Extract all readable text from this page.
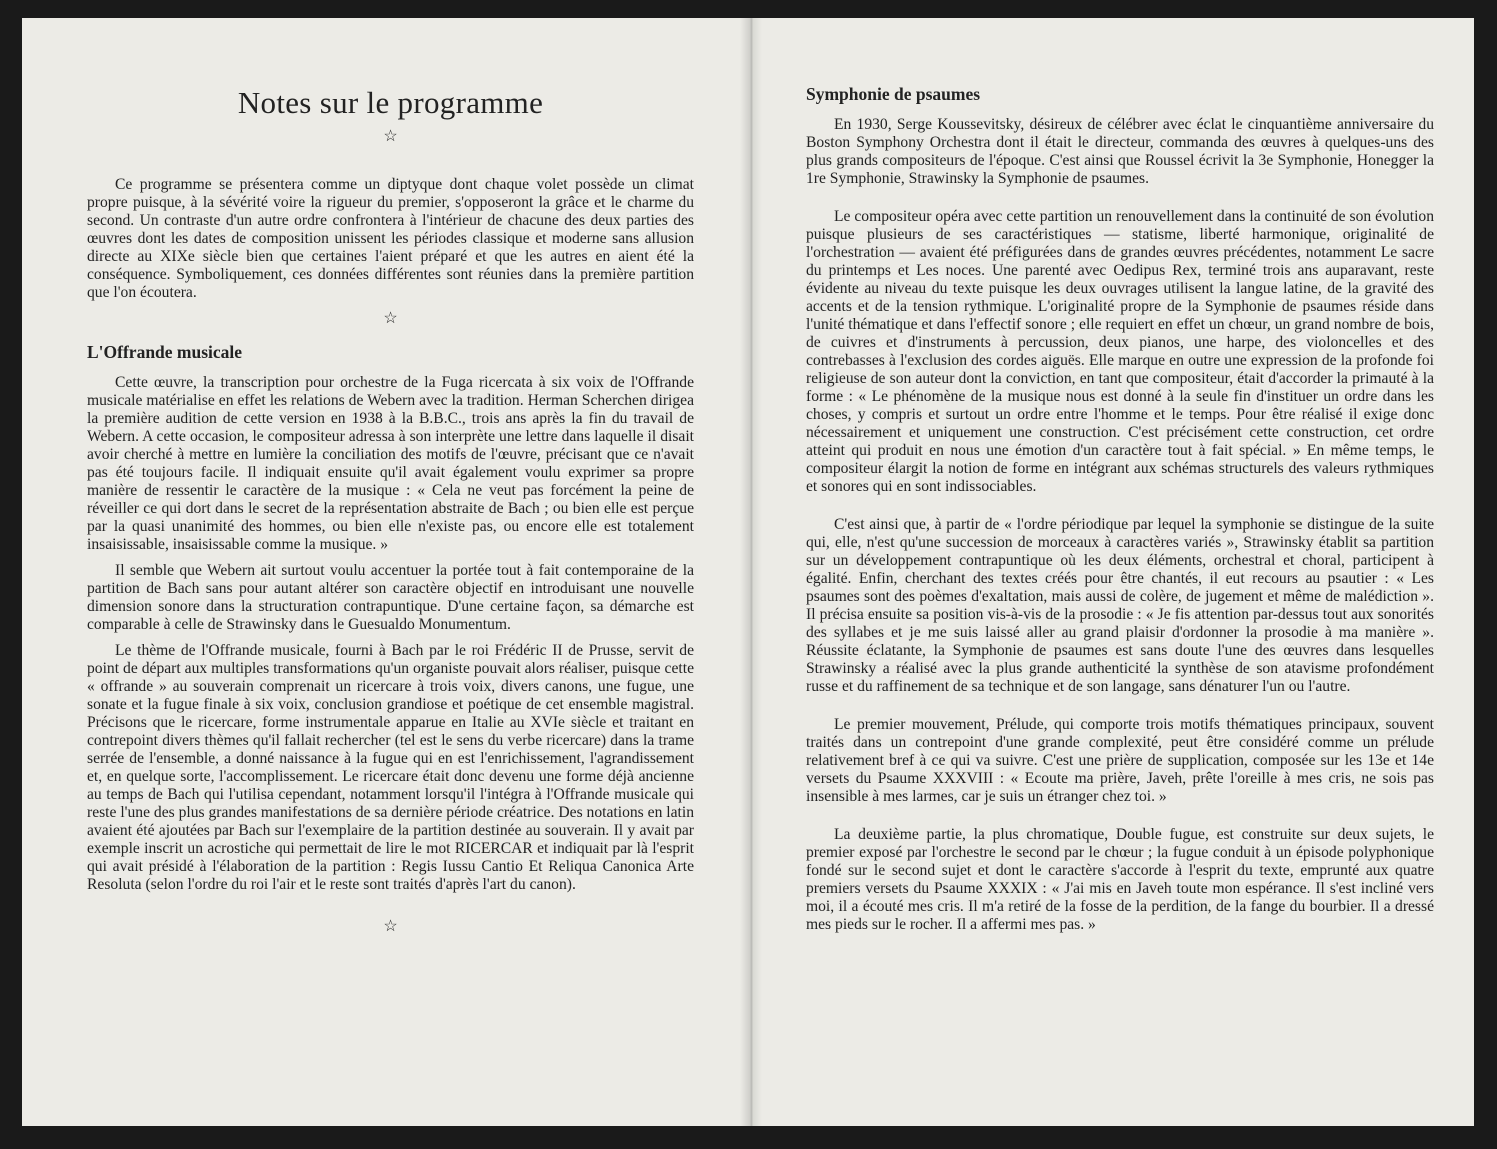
Notes sur le programme
☆

Ce programme se présentera comme un diptyque dont chaque volet possède un climat propre puisque, à la sévérité voire la rigueur du premier, s'opposeront la grâce et le charme du second. Un contraste d'un autre ordre confrontera à l'intérieur de chacune des deux parties des œuvres dont les dates de composition unissent les périodes classique et moderne sans allusion directe au XIXe siècle bien que certaines l'aient préparé et que les autres en aient été la conséquence. Symboliquement, ces données différentes sont réunies dans la première partition que l'on écoutera.

☆
L'Offrande musicale

Cette œuvre, la transcription pour orchestre de la Fuga ricercata à six voix de l'Offrande musicale matérialise en effet les relations de Webern avec la tradition. Herman Scherchen dirigea la première audition de cette version en 1938 à la B.B.C., trois ans après la fin du travail de Webern. A cette occasion, le compositeur adressa à son interprète une lettre dans laquelle il disait avoir cherché à mettre en lumière la conciliation des motifs de l'œuvre, précisant que ce n'avait pas été toujours facile. Il indiquait ensuite qu'il avait également voulu exprimer sa propre manière de ressentir le caractère de la musique : « Cela ne veut pas forcément la peine de réveiller ce qui dort dans le secret de la représentation abstraite de Bach ; ou bien elle est perçue par la quasi unanimité des hommes, ou bien elle n'existe pas, ou encore elle est totalement insaisissable, insaisissable comme la musique. »

Il semble que Webern ait surtout voulu accentuer la portée tout à fait contemporaine de la partition de Bach sans pour autant altérer son caractère objectif en introduisant une nouvelle dimension sonore dans la structuration contrapuntique. D'une certaine façon, sa démarche est comparable à celle de Strawinsky dans le Guesualdo Monumentum.

Le thème de l'Offrande musicale, fourni à Bach par le roi Frédéric II de Prusse, servit de point de départ aux multiples transformations qu'un organiste pouvait alors réaliser, puisque cette « offrande » au souverain comprenait un ricercare à trois voix, divers canons, une fugue, une sonate et la fugue finale à six voix, conclusion grandiose et poétique de cet ensemble magistral. Précisons que le ricercare, forme instrumentale apparue en Italie au XVIe siècle et traitant en contrepoint divers thèmes qu'il fallait rechercher (tel est le sens du verbe ricercare) dans la trame serrée de l'ensemble, a donné naissance à la fugue qui en est l'enrichissement, l'agrandissement et, en quelque sorte, l'accomplissement. Le ricercare était donc devenu une forme déjà ancienne au temps de Bach qui l'utilisa cependant, notamment lorsqu'il l'intégra à l'Offrande musicale qui reste l'une des plus grandes manifestations de sa dernière période créatrice. Des notations en latin avaient été ajoutées par Bach sur l'exemplaire de la partition destinée au souverain. Il y avait par exemple inscrit un acrostiche qui permettait de lire le mot RICERCAR et indiquait par là l'esprit qui avait présidé à l'élaboration de la partition : Regis Iussu Cantio Et Reliqua Canonica Arte Resoluta (selon l'ordre du roi l'air et le reste sont traités d'après l'art du canon).

☆
Symphonie de psaumes

En 1930, Serge Koussevitsky, désireux de célébrer avec éclat le cinquantième anniversaire du Boston Symphony Orchestra dont il était le directeur, commanda des œuvres à quelques-uns des plus grands compositeurs de l'époque. C'est ainsi que Roussel écrivit la 3e Symphonie, Honegger la 1re Symphonie, Strawinsky la Symphonie de psaumes.

Le compositeur opéra avec cette partition un renouvellement dans la continuité de son évolution puisque plusieurs de ses caractéristiques — statisme, liberté harmonique, originalité de l'orchestration — avaient été préfigurées dans de grandes œuvres précédentes, notamment Le sacre du printemps et Les noces. Une parenté avec Oedipus Rex, terminé trois ans auparavant, reste évidente au niveau du texte puisque les deux ouvrages utilisent la langue latine, de la gravité des accents et de la tension rythmique. L'originalité propre de la Symphonie de psaumes réside dans l'unité thématique et dans l'effectif sonore ; elle requiert en effet un chœur, un grand nombre de bois, de cuivres et d'instruments à percussion, deux pianos, une harpe, des violoncelles et des contrebasses à l'exclusion des cordes aiguës. Elle marque en outre une expression de la profonde foi religieuse de son auteur dont la conviction, en tant que compositeur, était d'accorder la primauté à la forme : « Le phénomène de la musique nous est donné à la seule fin d'instituer un ordre dans les choses, y compris et surtout un ordre entre l'homme et le temps. Pour être réalisé il exige donc nécessairement et uniquement une construction. C'est précisément cette construction, cet ordre atteint qui produit en nous une émotion d'un caractère tout à fait spécial. » En même temps, le compositeur élargit la notion de forme en intégrant aux schémas structurels des valeurs rythmiques et sonores qui en sont indissociables.

C'est ainsi que, à partir de « l'ordre périodique par lequel la symphonie se distingue de la suite qui, elle, n'est qu'une succession de morceaux à caractères variés », Strawinsky établit sa partition sur un développement contrapuntique où les deux éléments, orchestral et choral, participent à égalité. Enfin, cherchant des textes créés pour être chantés, il eut recours au psautier : « Les psaumes sont des poèmes d'exaltation, mais aussi de colère, de jugement et même de malédiction ». Il précisa ensuite sa position vis-à-vis de la prosodie : « Je fis attention par-dessus tout aux sonorités des syllabes et je me suis laissé aller au grand plaisir d'ordonner la prosodie à ma manière ». Réussite éclatante, la Symphonie de psaumes est sans doute l'une des œuvres dans lesquelles Strawinsky a réalisé avec la plus grande authenticité la synthèse de son atavisme profondément russe et du raffinement de sa technique et de son langage, sans dénaturer l'un ou l'autre.

Le premier mouvement, Prélude, qui comporte trois motifs thématiques principaux, souvent traités dans un contrepoint d'une grande complexité, peut être considéré comme un prélude relativement bref à ce qui va suivre. C'est une prière de supplication, composée sur les 13e et 14e versets du Psaume XXXVIII : « Ecoute ma prière, Javeh, prête l'oreille à mes cris, ne sois pas insensible à mes larmes, car je suis un étranger chez toi. »

La deuxième partie, la plus chromatique, Double fugue, est construite sur deux sujets, le premier exposé par l'orchestre le second par le chœur ; la fugue conduit à un épisode polyphonique fondé sur le second sujet et dont le caractère s'accorde à l'esprit du texte, emprunté aux quatre premiers versets du Psaume XXXIX : « J'ai mis en Javeh toute mon espérance. Il s'est incliné vers moi, il a écouté mes cris. Il m'a retiré de la fosse de la perdition, de la fange du bourbier. Il a dressé mes pieds sur le rocher. Il a affermi mes pas. »
